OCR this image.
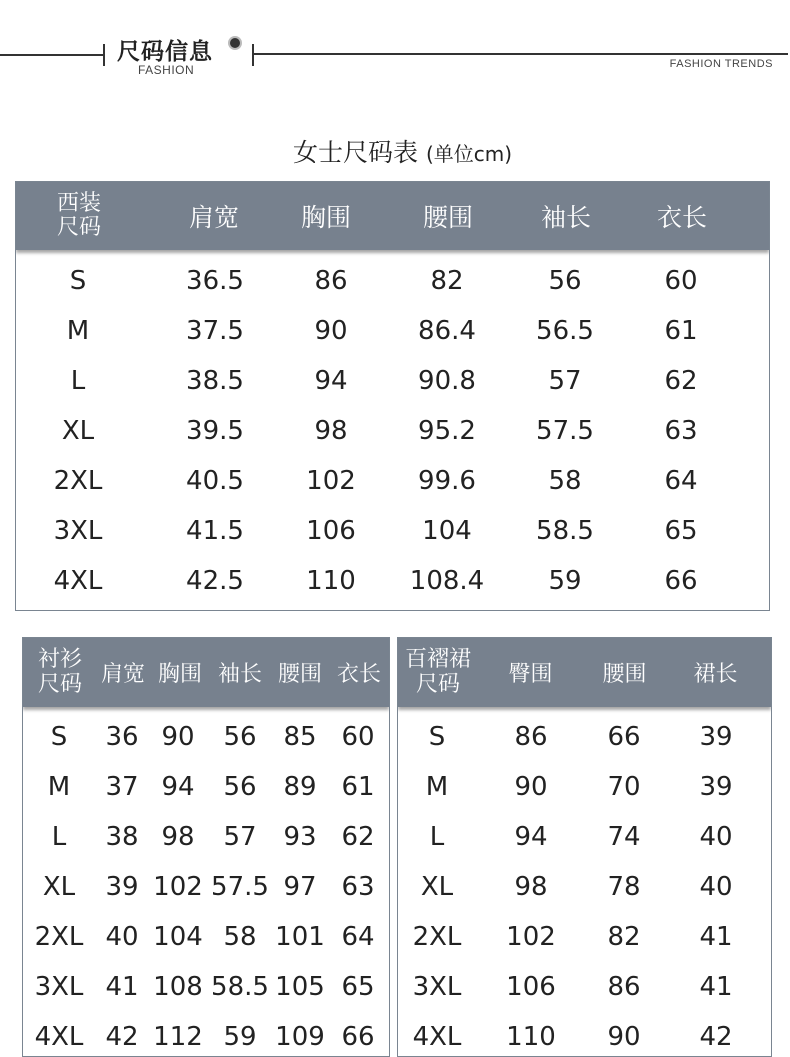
尺码信息
FASHION	FASHION TRENDS
女士尺码表 (单位cm)
西装
尺码	肩宽	胸围	腰围	袖长	衣长
S	36.5	86	82	56	60
M	37.5	90	86.4	56.5	61
L	38.5	94	90.8	57	62
XL	39.5	98	95.2	57.5	63
2XL	40.5	102	99.6	58	64
3XL	41.5	106	104	58.5	65
4XL	42.5	110	108.4	59	66
衬衫
尺码 肩宽 胸围 袖长 腰围 衣长
S	36 90	56	85 60
M	37 94	56	89 61
L	38 98	57	93 62
XL	39 102 57.5 97 63
2XL 40 104 58 101 64
3XL 41 108 58.5 105 65
4XL 42 112 59 109 66
百褶裙
尺码	臀围	腰围	裙长
S	86	66	39
M	90	70	39
L	94	74	40
XL	98	78	40
2XL	102	82	41
3XL	106	86	41
4XL	110	90	42
